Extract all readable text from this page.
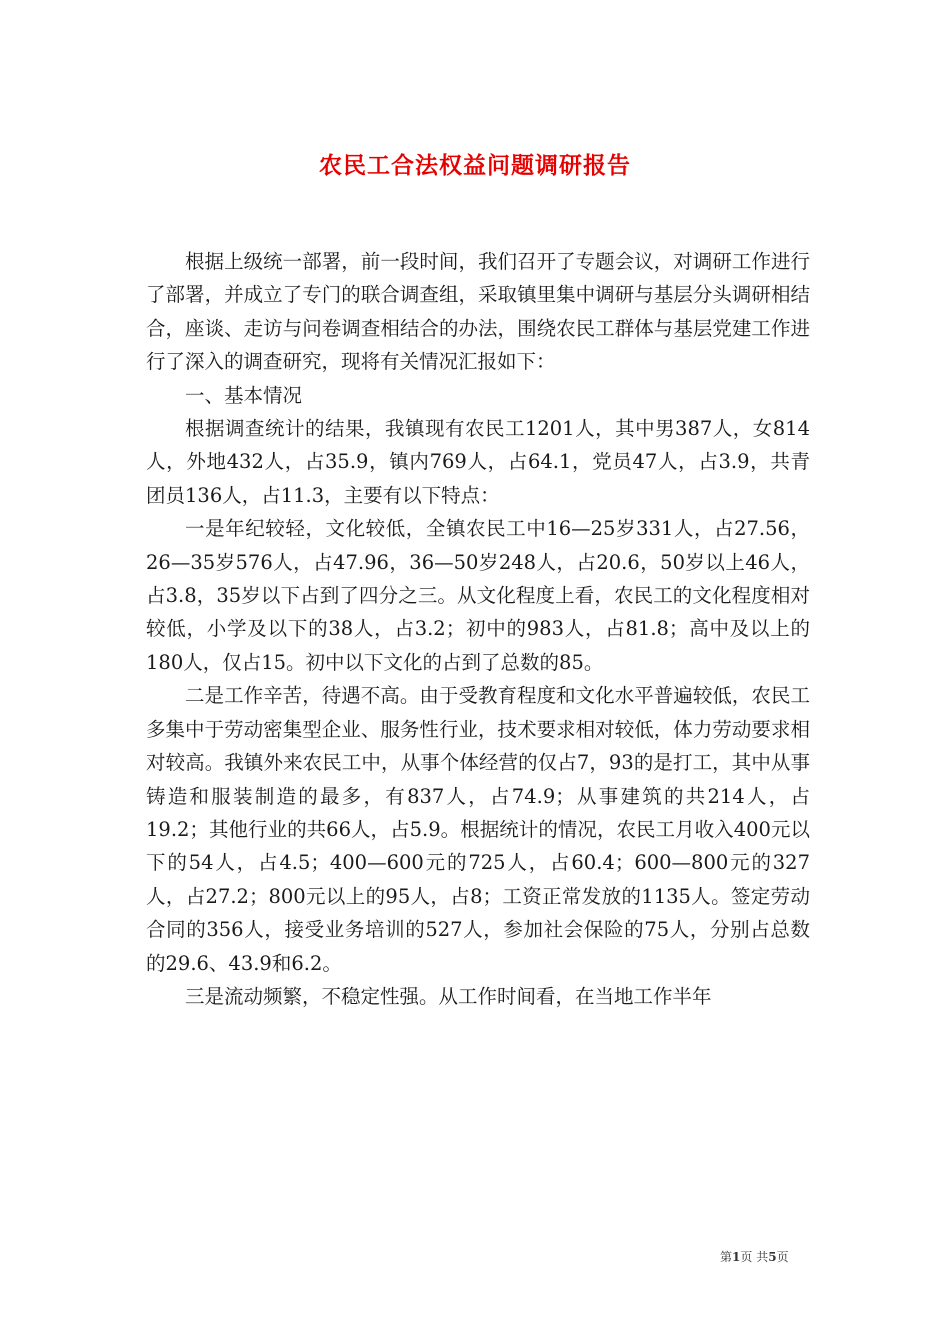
农民工合法权益问题调研报告

根据上级统一部署，前一段时间，我们召开了专题会议，对调研工作进行了部署，并成立了专门的联合调查组，采取镇里集中调研与基层分头调研相结合，座谈、走访与问卷调查相结合的办法，围绕农民工群体与基层党建工作进行了深入的调查研究，现将有关情况汇报如下：

一、基本情况

根据调查统计的结果，我镇现有农民工1201人，其中男387人，女814人，外地432人，占35.9，镇内769人，占64.1，党员47人，占3.9，共青团员136人，占11.3，主要有以下特点：

一是年纪较轻，文化较低，全镇农民工中16—25岁331人，占27.56，26—35岁576人，占47.96，36—50岁248人，占20.6，50岁以上46人，占3.8，35岁以下占到了四分之三。从文化程度上看，农民工的文化程度相对较低，小学及以下的38人，占3.2；初中的983人，占81.8；高中及以上的180人，仅占15。初中以下文化的占到了总数的85。

二是工作辛苦，待遇不高。由于受教育程度和文化水平普遍较低，农民工多集中于劳动密集型企业、服务性行业，技术要求相对较低，体力劳动要求相对较高。我镇外来农民工中，从事个体经营的仅占7，93的是打工，其中从事铸造和服装制造的最多，有837人，占74.9；从事建筑的共214人，占19.2；其他行业的共66人，占5.9。根据统计的情况，农民工月收入400元以下的54人，占4.5；400—600元的725人，占60.4；600—800元的327人，占27.2；800元以上的95人，占8；工资正常发放的1135人。签定劳动合同的356人，接受业务培训的527人，参加社会保险的75人，分别占总数的29.6、43.9和6.2。

三是流动频繁，不稳定性强。从工作时间看，在当地工作半年

第1页 共5页
